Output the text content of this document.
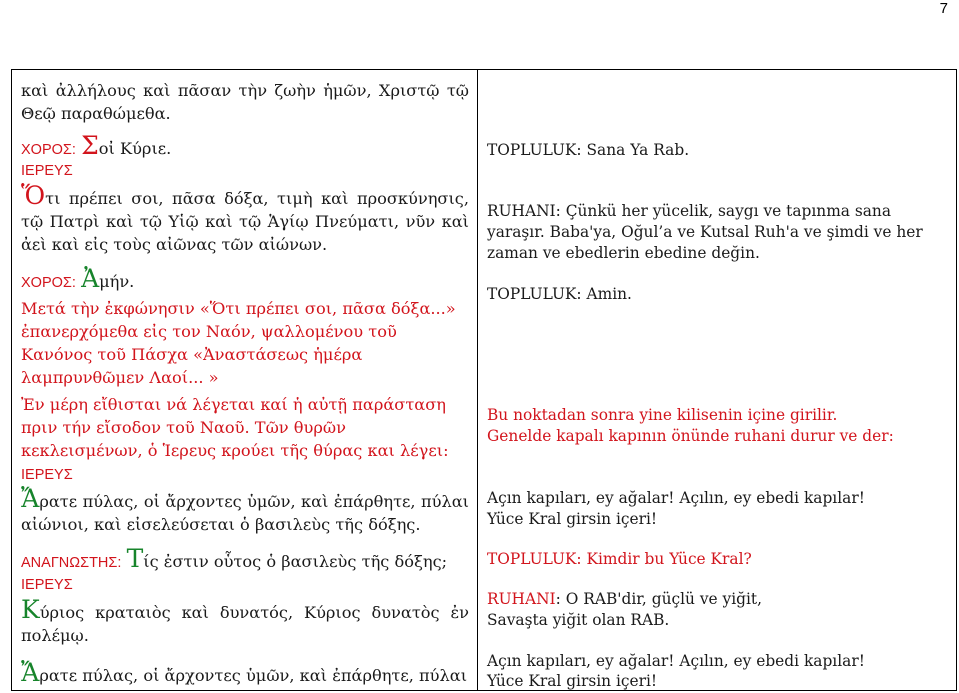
7
καὶ ἀλλήλους καὶ πᾶσαν τὴν ζωὴν ἡμῶν, Χριστῷ τῷ Θεῷ παραθώμεθα.
ΧΟΡΟΣ: Σοἰ Κύριε.
ΙΕΡΕΥΣ
Ὅτι πρέπει σοι, πᾶσα δόξα, τιμὴ καὶ προσκύνησις, τῷ Πατρὶ καὶ τῷ Υἱῷ καὶ τῷ Ἁγίῳ Πνεύματι, νῦν καὶ ἀεὶ καὶ εἰς τοὺς αἰῶνας τῶν αἰώνων.
ΧΟΡΟΣ: Ἀμήν.
Μετά τὴν ἐκφώνησιν «Ὅτι πρέπει σοι, πᾶσα δόξα...» ἐπανερχόμεθα εἰς τον Ναόν, ψαλλομένου τοῦ Κανόνος τοῦ Πάσχα «Ἀναστάσεως ἡμέρα λαμπρυνθῶμεν Λαοί... »
Ἐν μέρη εἴθισται νά λέγεται καί ἡ αὐτῇ παράσταση πριν τήν εἴσοδον τοῦ Ναοῦ. Τῶν θυρῶν κεκλεισμένων, ὁ Ἱερευς κρούει τῆς θύρας και λέγει:
ΙΕΡΕΥΣ
Ἄρατε πύλας, οἱ ἄρχοντες ὑμῶν, καὶ ἐπάρθητε, πύλαι αἰώνιοι, καὶ εἰσελεύσεται ὁ βασιλεὺς τῆς δόξης.
ΑΝΑΓΝΩΣΤΗΣ: Τίς ἐστιν οὗτος ὁ βασιλεὺς τῆς δόξης;
ΙΕΡΕΥΣ
Κύριος κραταιὸς καὶ δυνατός, Κύριος δυνατὸς ἐν πολέμῳ.
Ἄρατε πύλας, οἱ ἄρχοντες ὑμῶν, καὶ ἐπάρθητε, πύλαι
TOPLULUK: Sana Ya Rab.
RUHANI: Çünkü her yücelik, saygı ve tapınma sana yaraşır. Baba'ya, Oğul’a ve Kutsal Ruh'a ve şimdi ve her zaman ve ebedlerin ebedine değin.
TOPLULUK: Amin.
Bu noktadan sonra yine kilisenin içine girilir.
Genelde kapalı kapının önünde ruhani durur ve der:
Açın kapıları, ey ağalar! Açılın, ey ebedi kapılar!
Yüce Kral girsin içeri!
TOPLULUK: Kimdir bu Yüce Kral?
RUHANI: O RAB'dir, güçlü ve yiğit,
Savaşta yiğit olan RAB.
Açın kapıları, ey ağalar! Açılın, ey ebedi kapılar!
Yüce Kral girsin içeri!
